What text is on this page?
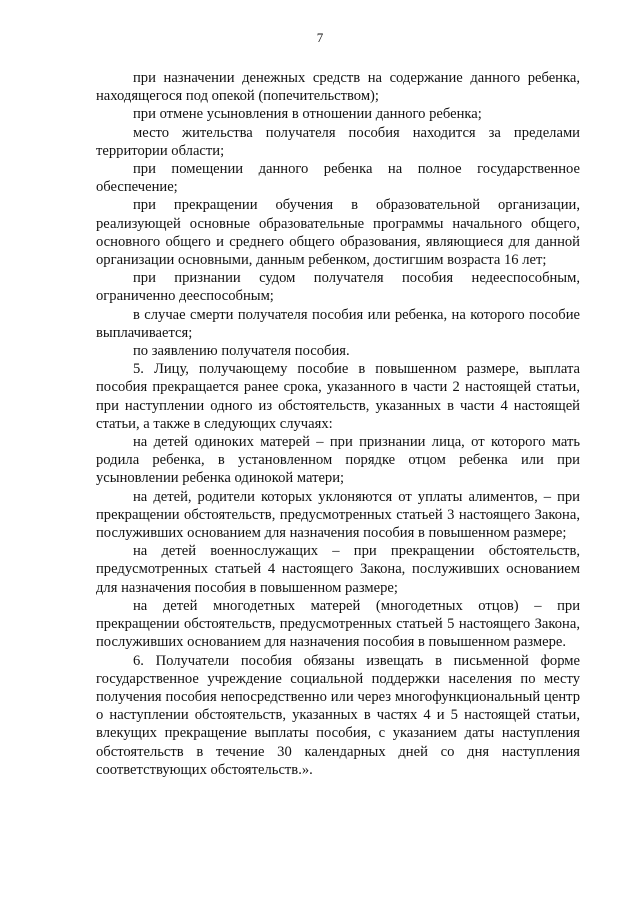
7

при назначении денежных средств на содержание данного ребенка, находящегося под опекой (попечительством);

при отмене усыновления в отношении данного ребенка;

место жительства получателя пособия находится за пределами территории области;

при помещении данного ребенка на полное государственное обеспечение;

при прекращении обучения в образовательной организации, реализующей основные образовательные программы начального общего, основного общего и среднего общего образования, являющиеся для данной организации основными, данным ребенком, достигшим возраста 16 лет;

при признании судом получателя пособия недееспособным, ограниченно дееспособным;

в случае смерти получателя пособия или ребенка, на которого пособие выплачивается;

по заявлению получателя пособия.

5. Лицу, получающему пособие в повышенном размере, выплата пособия прекращается ранее срока, указанного в части 2 настоящей статьи, при наступлении одного из обстоятельств, указанных в части 4 настоящей статьи, а также в следующих случаях:

на детей одиноких матерей – при признании лица, от которого мать родила ребенка, в установленном порядке отцом ребенка или при усыновлении ребенка одинокой матери;

на детей, родители которых уклоняются от уплаты алиментов, – при прекращении обстоятельств, предусмотренных статьей 3 настоящего Закона, послуживших основанием для назначения пособия в повышенном размере;

на детей военнослужащих – при прекращении обстоятельств, предусмотренных статьей 4 настоящего Закона, послуживших основанием для назначения пособия в повышенном размере;

на детей многодетных матерей (многодетных отцов) – при прекращении обстоятельств, предусмотренных статьей 5 настоящего Закона, послуживших основанием для назначения пособия в повышенном размере.

6. Получатели пособия обязаны извещать в письменной форме государственное учреждение социальной поддержки населения по месту получения пособия непосредственно или через многофункциональный центр о наступлении обстоятельств, указанных в частях 4 и 5 настоящей статьи, влекущих прекращение выплаты пособия, с указанием даты наступления обстоятельств в течение 30 календарных дней со дня наступления соответствующих обстоятельств.».
